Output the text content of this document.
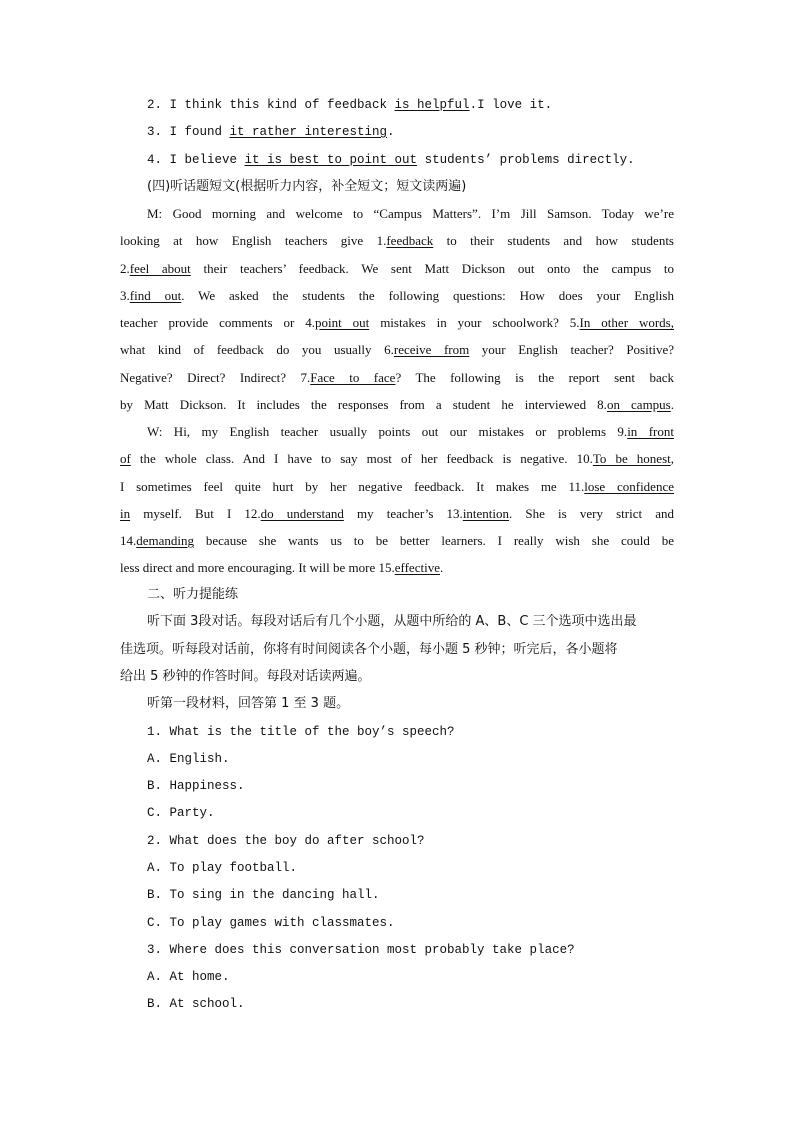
2. I think this kind of feedback is helpful.I love it.
3. I found it rather interesting.
4. I believe it is best to point out students’ problems directly.
(四)听话题短文(根据听力内容，补全短文；短文读两遍)
M: Good morning and welcome to “Campus Matters”. I’m Jill Samson. Today we’re
looking at how English teachers give 1.feedback to their students and how students
2.feel about their teachers’ feedback. We sent Matt Dickson out onto the campus to
3.find out. We asked the students the following questions: How does your English
teacher provide comments or 4.point out mistakes in your schoolwork? 5.In other words,
what kind of feedback do you usually 6.receive from your English teacher? Positive?
Negative? Direct? Indirect? 7.Face to face? The following is the report sent back
by Matt Dickson. It includes the responses from a student he interviewed 8.on campus.
W: Hi, my English teacher usually points out our mistakes or problems 9.in front
of the whole class. And I have to say most of her feedback is negative. 10.To be honest,
I sometimes feel quite hurt by her negative feedback. It makes me 11.lose confidence
in myself. But I 12.do understand my teacher’s 13.intention. She is very strict and
14.demanding because she wants us to be better learners. I really wish she could be
less direct and more encouraging. It will be more 15.effective.
二、听力提能练
听下面 3段对话。每段对话后有几个小题，从题中所给的 A、B、C 三个选项中选出最
佳选项。听每段对话前，你将有时间阅读各个小题，每小题 5 秒钟；听完后，各小题将
给出 5 秒钟的作答时间。每段对话读两遍。
听第一段材料，回答第 1 至 3 题。
1. What is the title of the boy’s speech?
A. English.
B. Happiness.
C. Party.
2. What does the boy do after school?
A. To play football.
B. To sing in the dancing hall.
C. To play games with classmates.
3. Where does this conversation most probably take place?
A. At home.
B. At school.
